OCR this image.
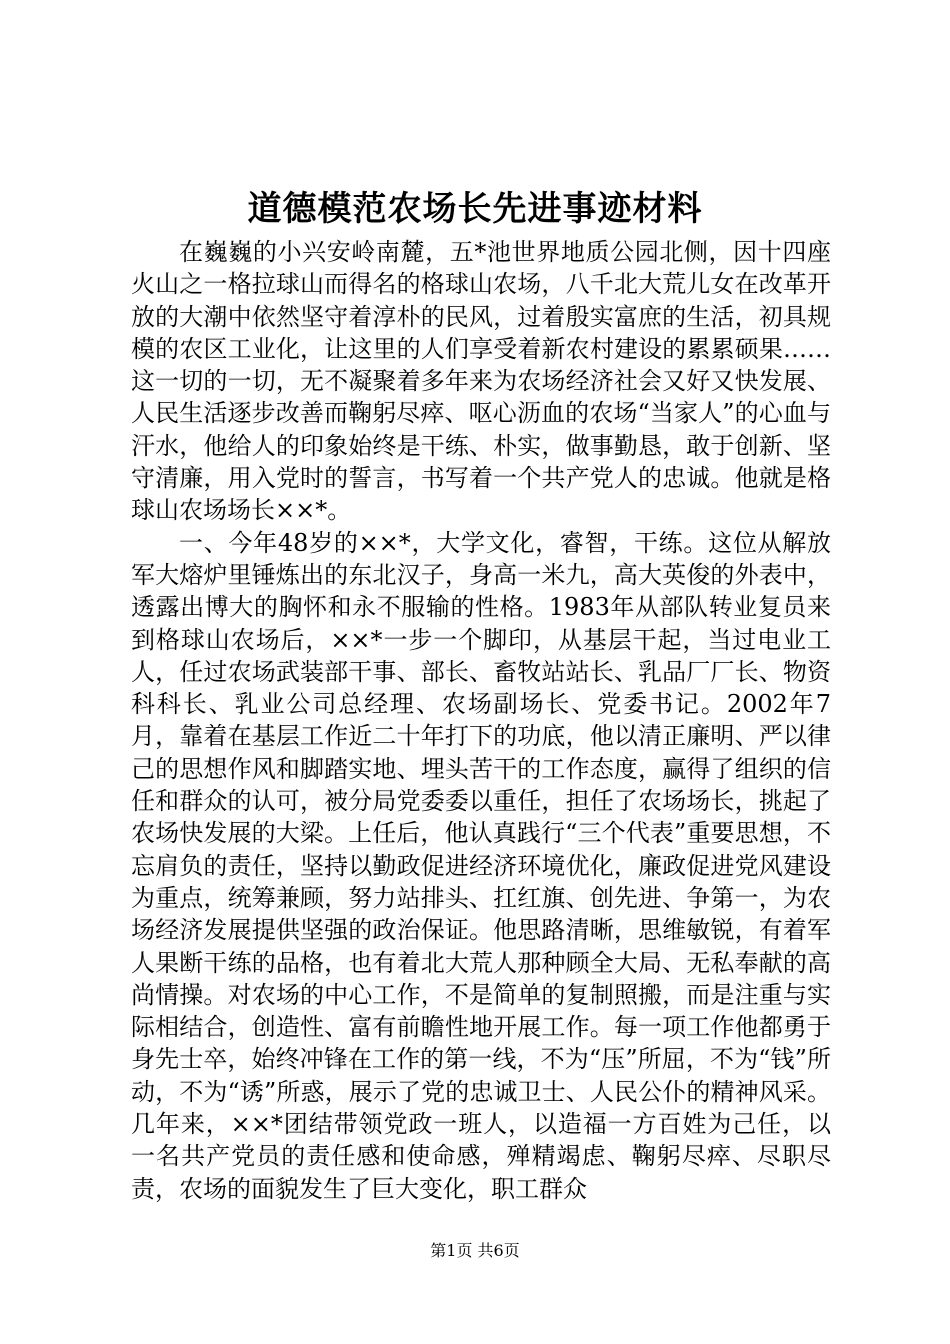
道德模范农场长先进事迹材料

在巍巍的小兴安岭南麓，五*池世界地质公园北侧，因十四座火山之一格拉球山而得名的格球山农场，八千北大荒儿女在改革开放的大潮中依然坚守着淳朴的民风，过着殷实富庶的生活，初具规模的农区工业化，让这里的人们享受着新农村建设的累累硕果……这一切的一切，无不凝聚着多年来为农场经济社会又好又快发展、人民生活逐步改善而鞠躬尽瘁、呕心沥血的农场“当家人”的心血与汗水，他给人的印象始终是干练、朴实，做事勤恳，敢于创新、坚守清廉，用入党时的誓言，书写着一个共产党人的忠诚。他就是格球山农场场长××*。

一、今年48岁的××*，大学文化，睿智，干练。这位从解放军大熔炉里锤炼出的东北汉子，身高一米九，高大英俊的外表中，透露出博大的胸怀和永不服输的性格。1983年从部队转业复员来到格球山农场后，××*一步一个脚印，从基层干起，当过电业工人，任过农场武装部干事、部长、畜牧站站长、乳品厂厂长、物资科科长、乳业公司总经理、农场副场长、党委书记。2002年7月，靠着在基层工作近二十年打下的功底，他以清正廉明、严以律己的思想作风和脚踏实地、埋头苦干的工作态度，赢得了组织的信任和群众的认可，被分局党委委以重任，担任了农场场长，挑起了农场快发展的大梁。上任后，他认真践行“三个代表”重要思想，不忘肩负的责任，坚持以勤政促进经济环境优化，廉政促进党风建设为重点，统筹兼顾，努力站排头、扛红旗、创先进、争第一，为农场经济发展提供坚强的政治保证。他思路清晰，思维敏锐，有着军人果断干练的品格，也有着北大荒人那种顾全大局、无私奉献的高尚情操。对农场的中心工作，不是简单的复制照搬，而是注重与实际相结合，创造性、富有前瞻性地开展工作。每一项工作他都勇于身先士卒，始终冲锋在工作的第一线，不为“压”所屈，不为“钱”所动，不为“诱”所惑，展示了党的忠诚卫士、人民公仆的精神风采。几年来，××*团结带领党政一班人，以造福一方百姓为己任，以一名共产党员的责任感和使命感，殚精竭虑、鞠躬尽瘁、尽职尽责，农场的面貌发生了巨大变化，职工群众

第1页 共6页
